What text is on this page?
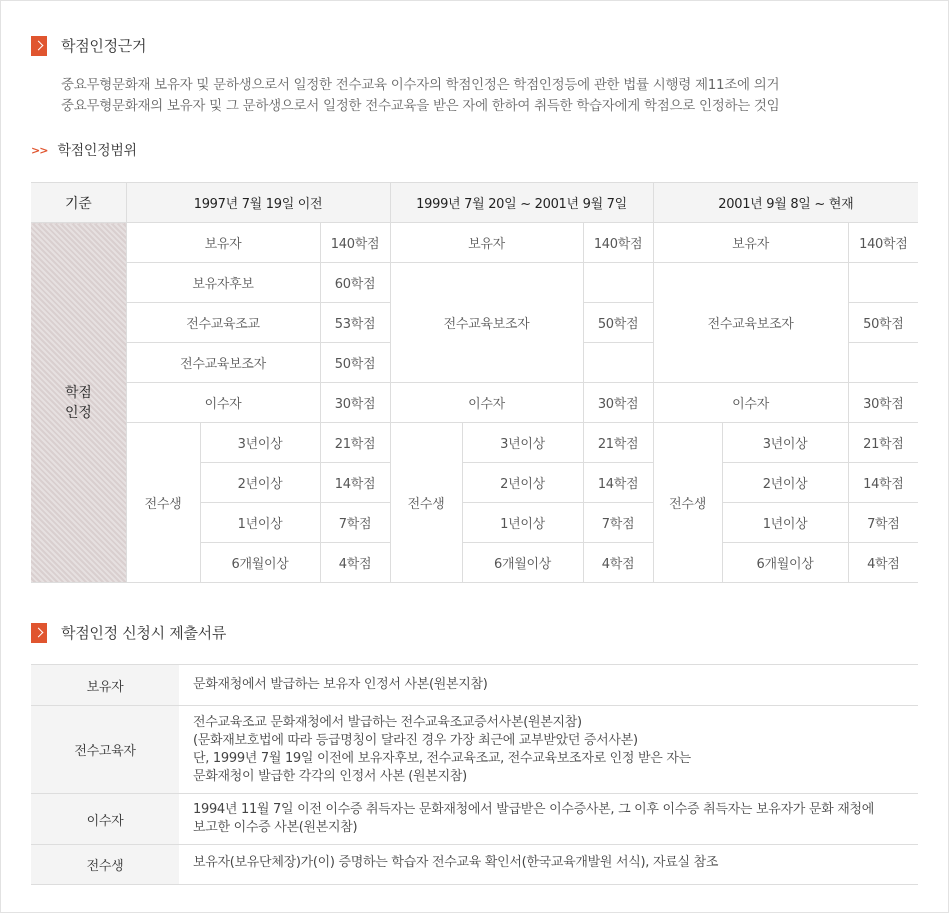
학점인정근거
중요무형문화재 보유자 및 문하생으로서 일정한 전수교육 이수자의 학점인정은 학점인정등에 관한 법률 시행령 제11조에 의거
중요무형문화재의 보유자 및 그 문하생으로서 일정한 전수교육을 받은 자에 한하여 취득한 학습자에게 학점으로 인정하는 것임
>> 학점인정범위
기준	1997년 7월 19일 이전			1999년 7월 20일 ~ 2001년 9월 7일			2001년 9월 8일 ~ 현재		
학점
인정	보유자		140학점	보유자		140학점	보유자		140학점
	보유자후보		60학점	전수교육보조자			전수교육보조자		
	전수교육조교		53학점			50학점			50학점
	전수교육보조자		50학점						
	이수자		30학점	이수자		30학점	이수자		30학점
	전수생	3년이상	21학점	전수생	3년이상	21학점	전수생	3년이상	21학점
		2년이상	14학점		2년이상	14학점		2년이상	14학점
		1년이상	7학점		1년이상	7학점		1년이상	7학점
		6개월이상	4학점		6개월이상	4학점		6개월이상	4학점
학점인정 신청시 제출서류
보유자	문화재청에서 발급하는 보유자 인정서 사본(원본지참)

전수고육자	전수교육조교 문화재청에서 발급하는 전수교육조교증서사본(원본지참)
(문화재보호법에 따라 등급명칭이 달라진 경우 가장 최근에 교부받았던 증서사본)
단, 1999년 7월 19일 이전에 보유자후보, 전수교육조교, 전수교육보조자로 인정 받은 자는
문화재청이 발급한 각각의 인정서 사본 (원본지참)

이수자	1994년 11월 7일 이전 이수증 취득자는 문화재청에서 발급받은 이수증사본, 그 이후 이수증 취득자는 보유자가 문화 재청에
보고한 이수증 사본(원본지참)

전수생	보유자(보유단체장)가(이) 증명하는 학습자 전수교육 확인서(한국교육개발원 서식), 자료실 참조
